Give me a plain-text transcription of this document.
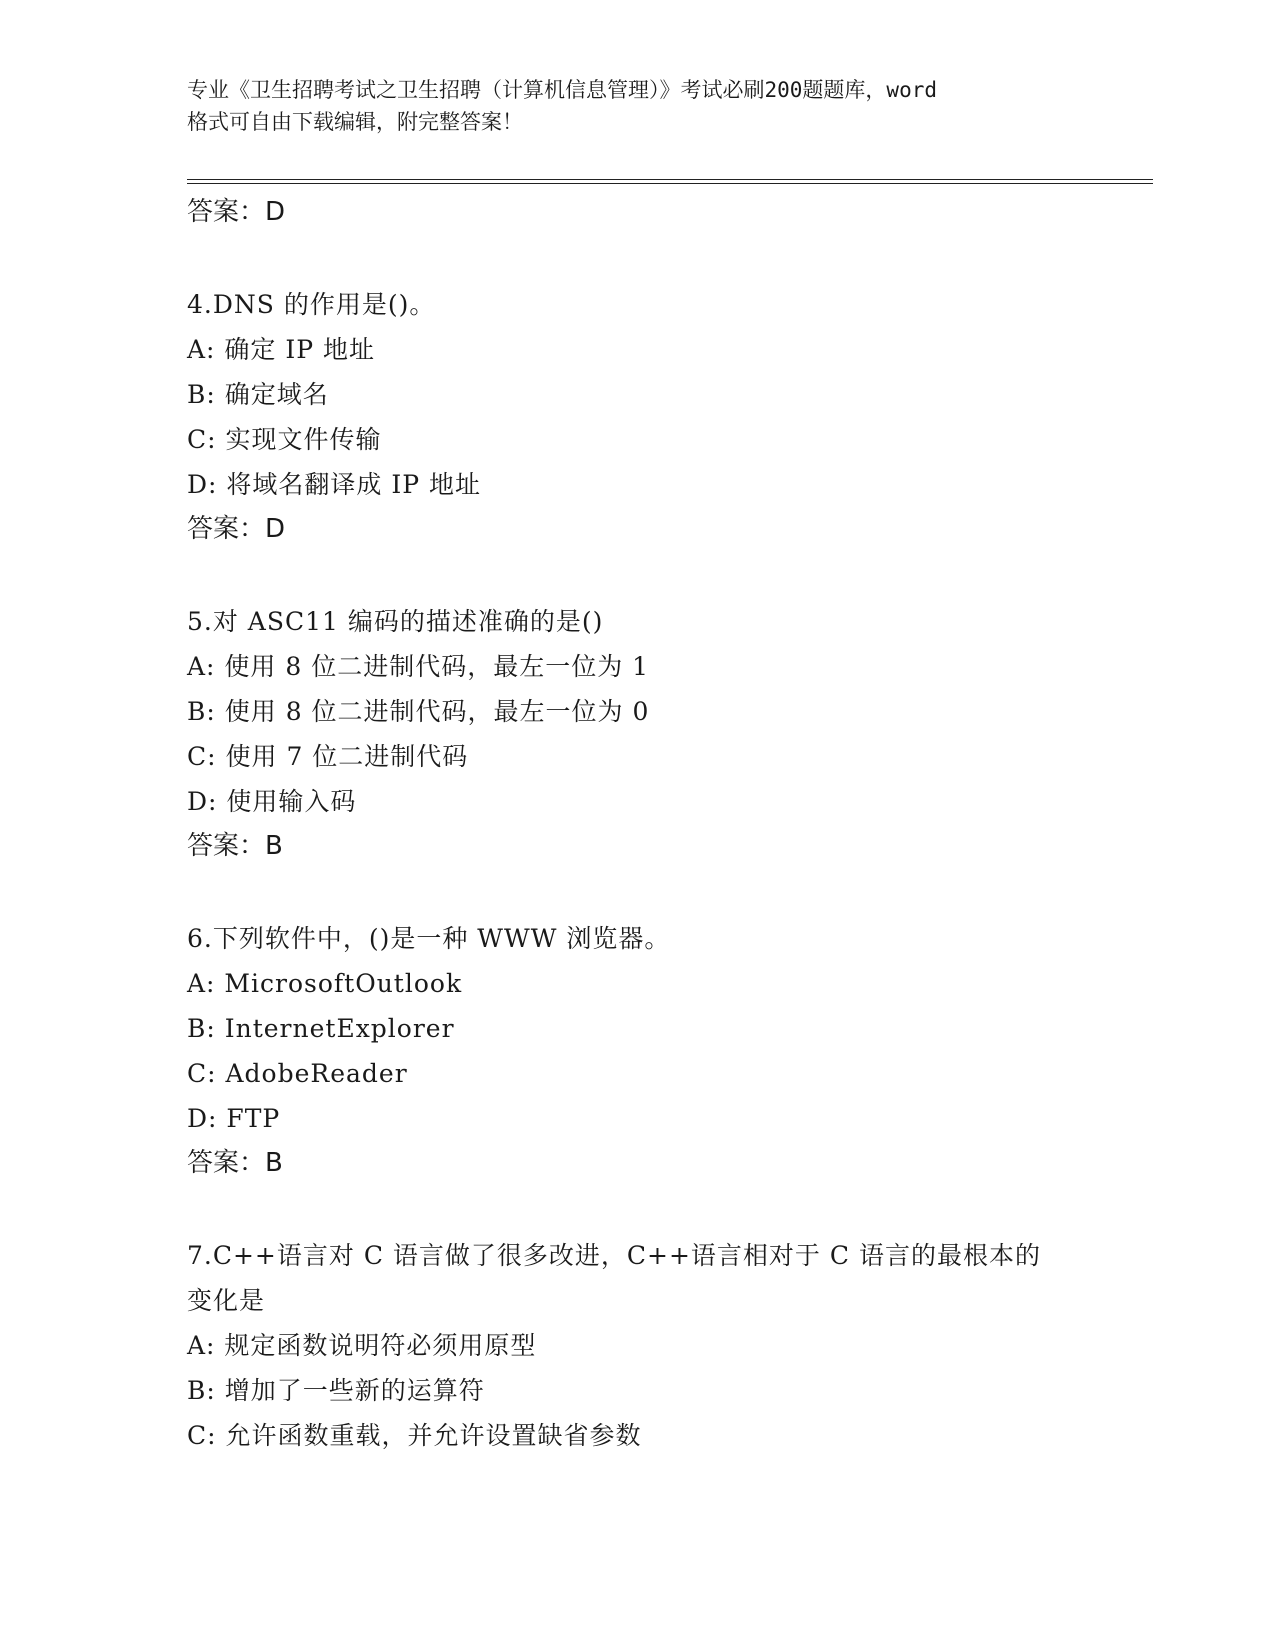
专业《卫生招聘考试之卫生招聘（计算机信息管理）》考试必刷200题题库，word
格式可自由下载编辑，附完整答案！
答案：D
4.DNS 的作用是()。
A: 确定 IP 地址
B: 确定域名
C: 实现文件传输
D: 将域名翻译成 IP 地址
答案：D
5.对 ASC11 编码的描述准确的是()
A: 使用 8 位二进制代码，最左一位为 1
B: 使用 8 位二进制代码，最左一位为 0
C: 使用 7 位二进制代码
D: 使用输入码
答案：B
6.下列软件中，()是一种 WWW 浏览器。
A: MicrosoftOutlook
B: InternetExplorer
C: AdobeReader
D: FTP
答案：B
7.C++语言对 C 语言做了很多改进，C++语言相对于 C 语言的最根本的
变化是
A: 规定函数说明符必须用原型
B: 增加了一些新的运算符
C: 允许函数重载，并允许设置缺省参数
